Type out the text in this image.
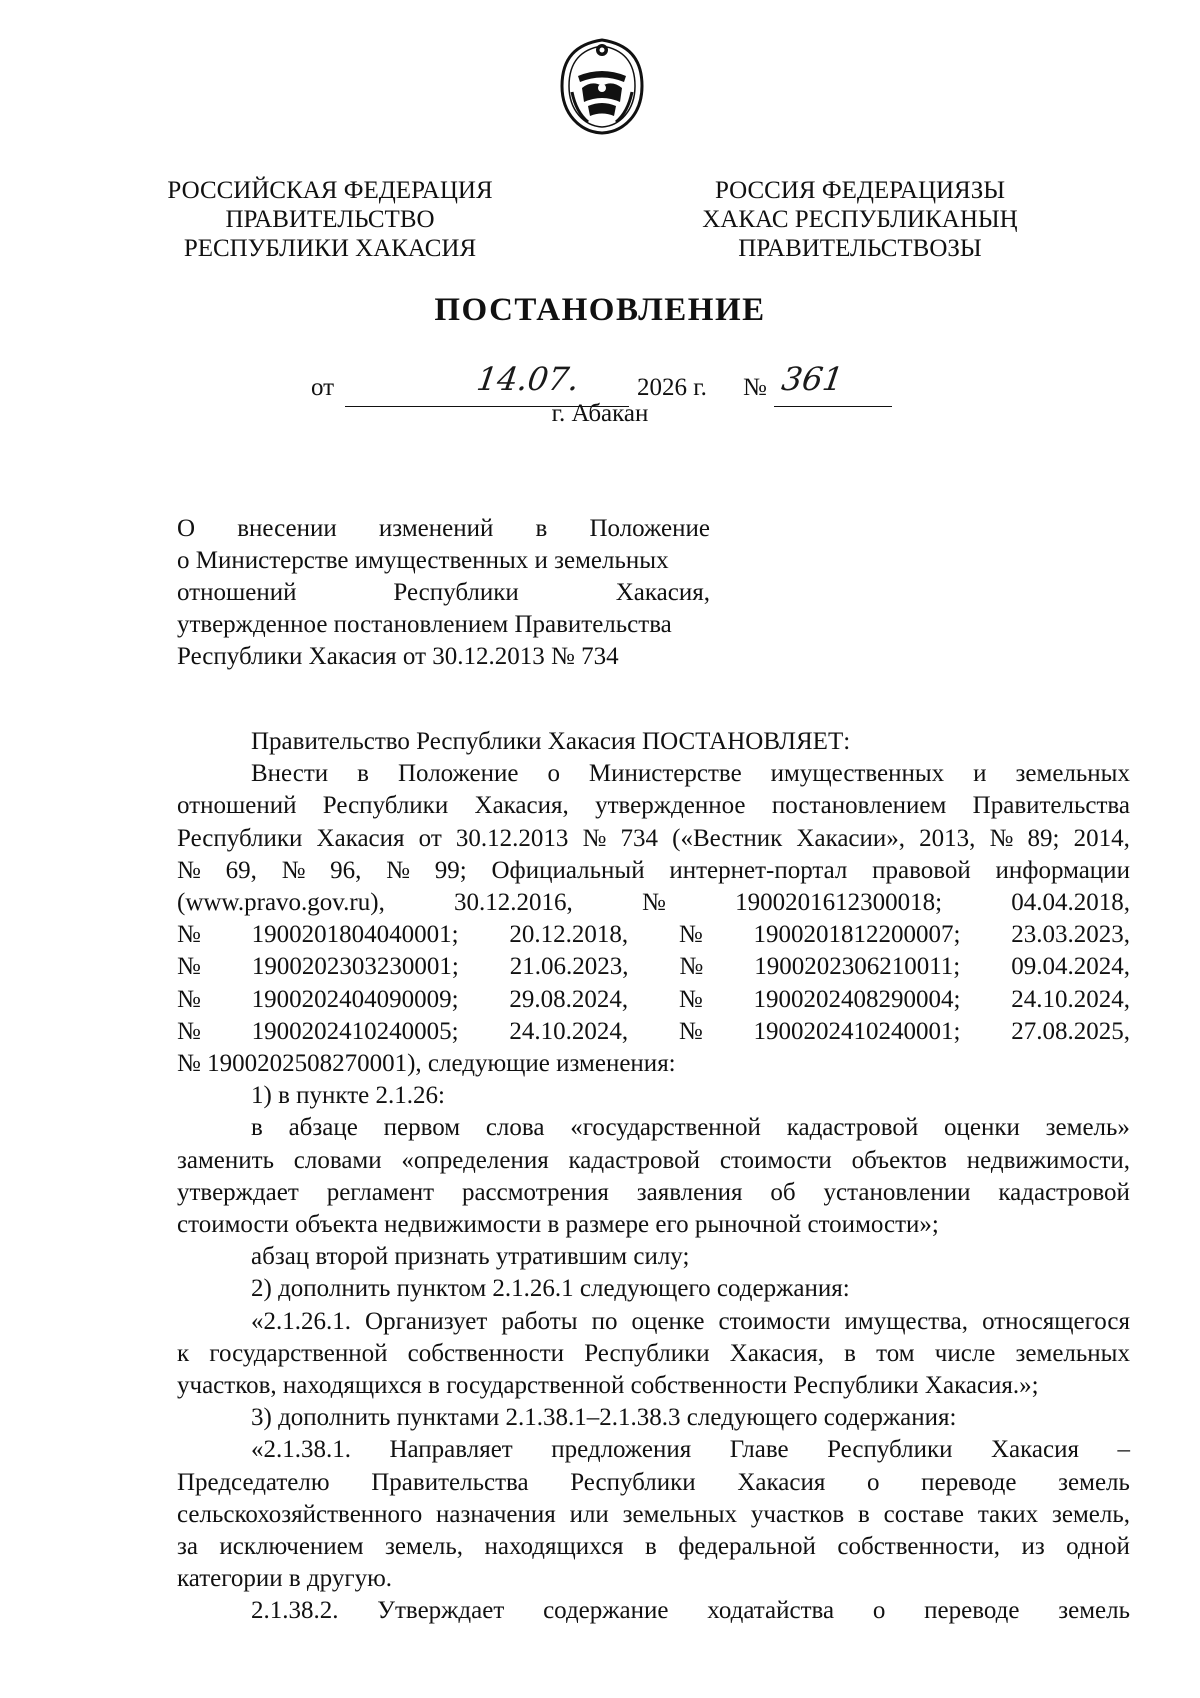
РОССИЙСКАЯ ФЕДЕРАЦИЯ
ПРАВИТЕЛЬСТВО
РЕСПУБЛИКИ ХАКАСИЯ
РОССИЯ ФЕДЕРАЦИЯЗЫ
ХАКАС РЕСПУБЛИКАНЫҢ
ПРАВИТЕЛЬСТВОЗЫ
ПОСТАНОВЛЕНИЕ
от	14.07. 2026 г. № 361
г. Абакан
О внесении изменений в Положение
о Министерстве имущественных и земельных
отношений	Республики	Хакасия,
утвержденное постановлением Правительства
Республики Хакасия от 30.12.2013 № 734
Правительство Республики Хакасия ПОСТАНОВЛЯЕТ:
Внести в Положение о Министерстве имущественных и земельных
отношений Республики Хакасия, утвержденное постановлением Правительства
Республики Хакасия от 30.12.2013 № 734 («Вестник Хакасии», 2013, № 89; 2014,
№ 69, № 96, № 99; Официальный интернет-портал правовой информации
(www.pravo.gov.ru),	30.12.2016,	№	1900201612300018;	04.04.2018,
№ 1900201804040001; 20.12.2018, № 1900201812200007; 23.03.2023,
№ 1900202303230001; 21.06.2023, № 1900202306210011; 09.04.2024,
№ 1900202404090009; 29.08.2024, № 1900202408290004; 24.10.2024,
№ 1900202410240005; 24.10.2024, № 1900202410240001; 27.08.2025,
№ 1900202508270001), следующие изменения:
1) в пункте 2.1.26:
в абзаце первом слова «государственной кадастровой оценки земель»
заменить словами «определения кадастровой стоимости объектов недвижимости,
утверждает регламент рассмотрения заявления об установлении кадастровой
стоимости объекта недвижимости в размере его рыночной стоимости»;
абзац второй признать утратившим силу;
2) дополнить пунктом 2.1.26.1 следующего содержания:
«2.1.26.1. Организует работы по оценке стоимости имущества, относящегося
к государственной собственности Республики Хакасия, в том числе земельных
участков, находящихся в государственной собственности Республики Хакасия.»;
3) дополнить пунктами 2.1.38.1–2.1.38.3 следующего содержания:
«2.1.38.1. Направляет предложения Главе Республики Хакасия –
Председателю Правительства Республики Хакасия о переводе земель
сельскохозяйственного назначения или земельных участков в составе таких земель,
за исключением земель, находящихся в федеральной собственности, из одной
категории в другую.
2.1.38.2. Утверждает содержание ходатайства о переводе земель
